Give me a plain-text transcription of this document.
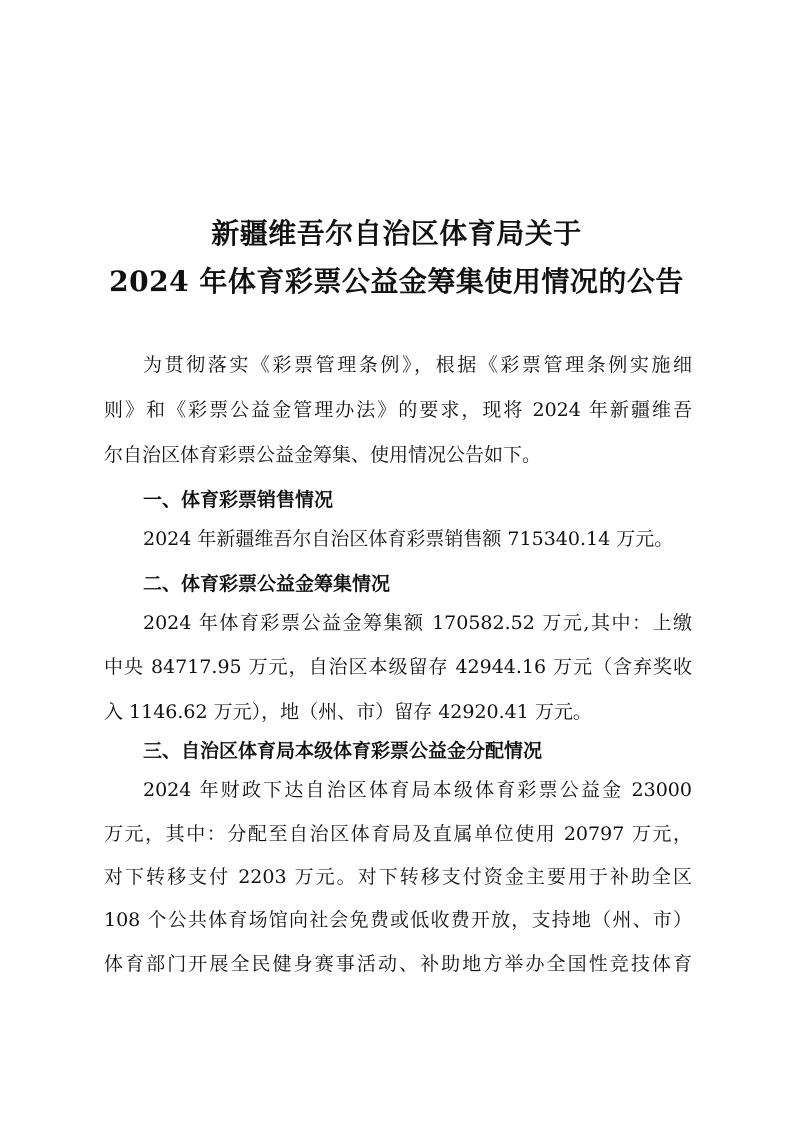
新疆维吾尔自治区体育局关于
2024 年体育彩票公益金筹集使用情况的公告
为贯彻落实《彩票管理条例》，根据《彩票管理条例实施细
则》和《彩票公益金管理办法》的要求，现将 2024 年新疆维吾
尔自治区体育彩票公益金筹集、使用情况公告如下。
一、体育彩票销售情况
2024 年新疆维吾尔自治区体育彩票销售额 715340.14 万元。
二、体育彩票公益金筹集情况
2024 年体育彩票公益金筹集额 170582.52 万元,其中：上缴
中央 84717.95 万元，自治区本级留存 42944.16 万元（含弃奖收
入 1146.62 万元），地（州、市）留存 42920.41 万元。
三、自治区体育局本级体育彩票公益金分配情况
2024 年财政下达自治区体育局本级体育彩票公益金 23000
万元，其中：分配至自治区体育局及直属单位使用 20797 万元，
对下转移支付 2203 万元。对下转移支付资金主要用于补助全区
108 个公共体育场馆向社会免费或低收费开放，支持地（州、市）
体育部门开展全民健身赛事活动、补助地方举办全国性竞技体育
